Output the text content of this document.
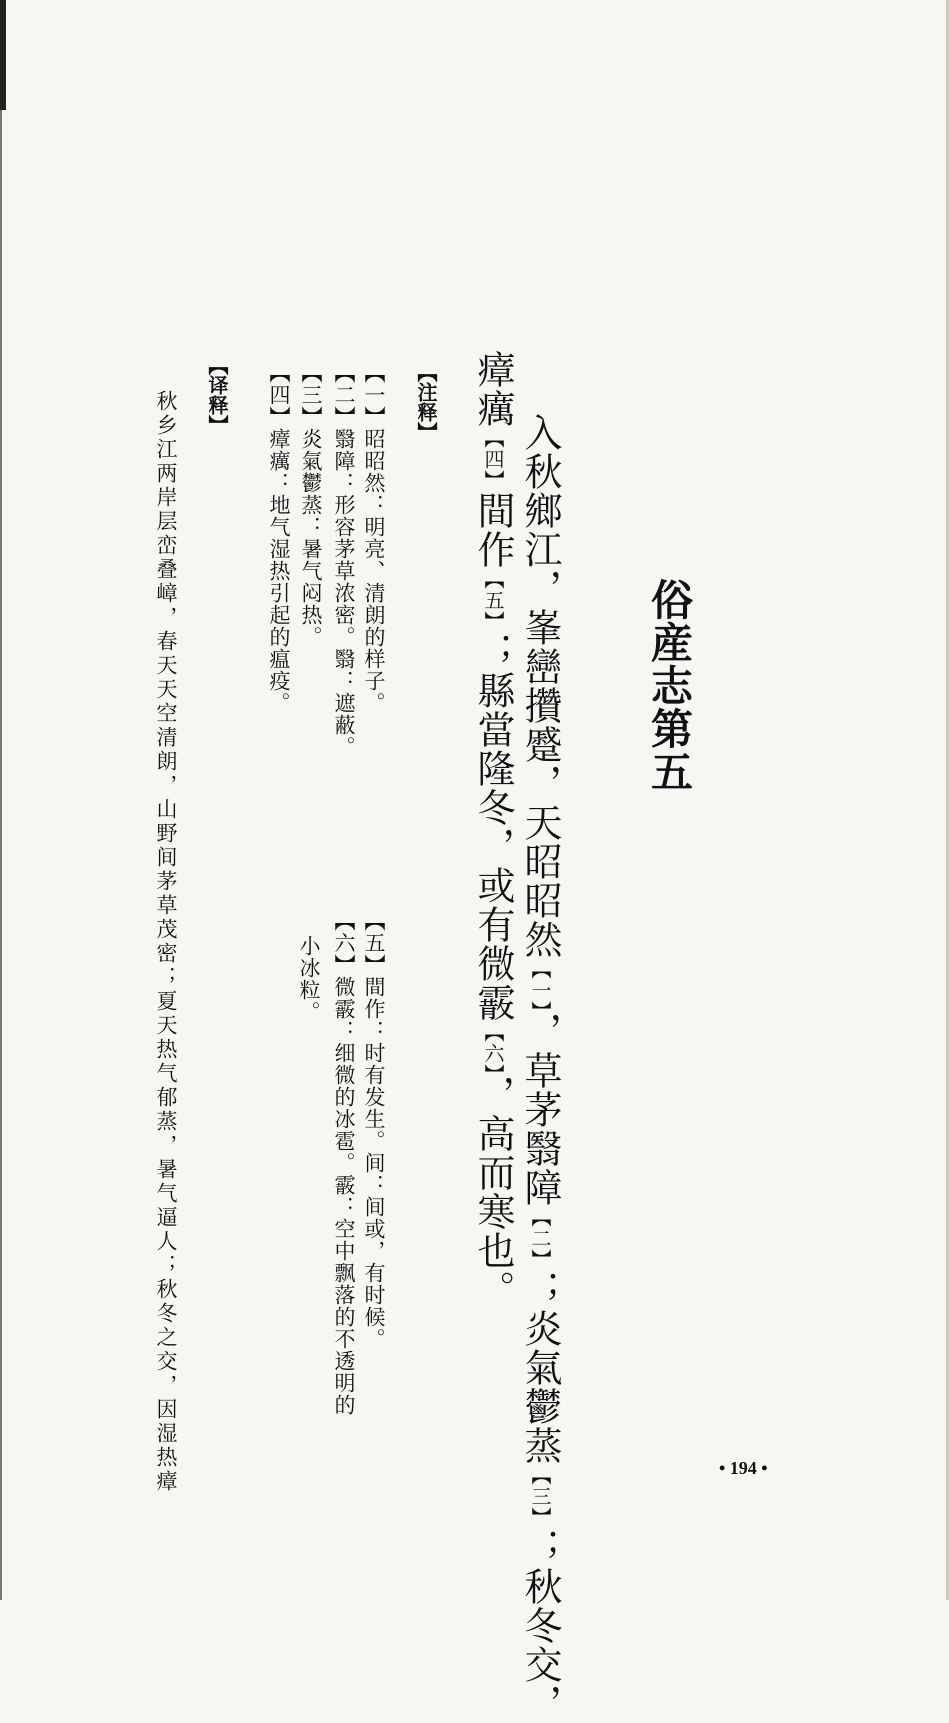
俗産志第五

入秋鄉江，峯巒攢蹙，天昭昭然【一】，草茅翳障【二】；炎氣鬱蒸【三】；秋冬交，

瘴癘【四】間作【五】；縣當隆冬，或有微霰【六】，高而寒也。

【注释】

【一】昭昭然：明亮、清朗的样子。

【二】翳障：形容茅草浓密。翳：遮蔽。

【三】炎氣鬱蒸：暑气闷热。

【四】瘴癘：地气湿热引起的瘟疫。

【五】間作：时有发生。间：间或，有时候。

【六】微霰：细微的冰雹。霰：空中飘落的不透明的

小冰粒。

【译释】

秋乡江两岸层峦叠嶂，春天天空清朗，山野间茅草茂密；夏天热气郁蒸，暑气逼人；秋冬之交，因湿热瘴	• 194 •
